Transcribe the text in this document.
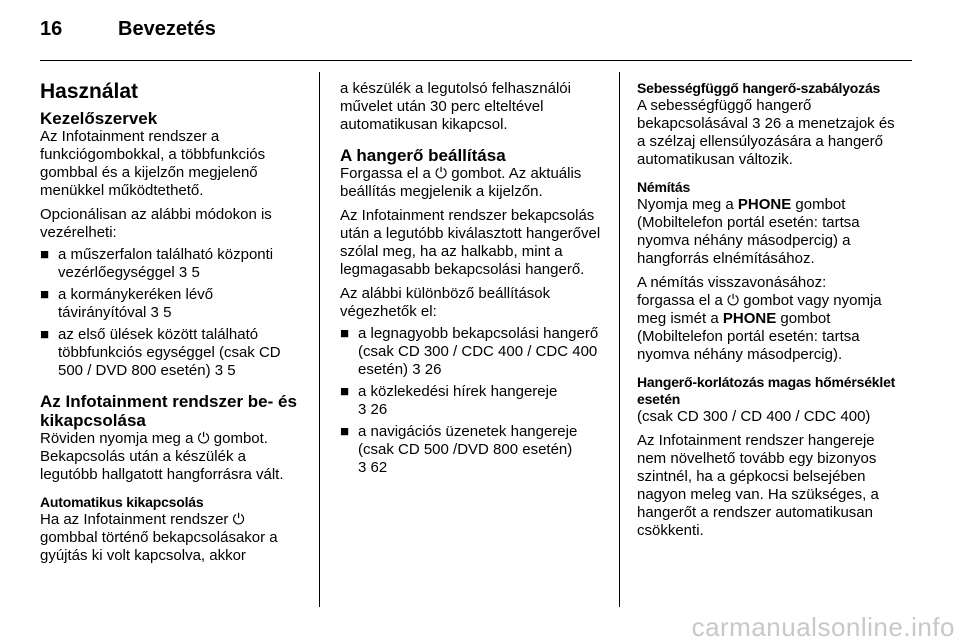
16	Bevezetés
Használat
Kezelőszervek

Az Infotainment rendszer a funkciógombokkal, a többfunkciós gombbal és a kijelzőn megjelenő menükkel működtethető.

Opcionálisan az alábbi módokon is vezérelheti:

■ a műszerfalon található központi vezérlőegységgel 3 5
■ a kormánykeréken lévő távirányítóval 3 5
■ az első ülések között található többfunkciós egységgel (csak CD 500 / DVD 800 esetén) 3 5
Az Infotainment rendszer be- és kikapcsolása

Röviden nyomja meg a ⏻ gombot. Bekapcsolás után a készülék a legutóbb hallgatott hangforrásra vált.

Automatikus kikapcsolás

Ha az Infotainment rendszer ⏻ gombbal történő bekapcsolásakor a gyújtás ki volt kapcsolva, akkor

a készülék a legutolsó felhasználói művelet után 30 perc elteltével automatikusan kikapcsol.

A hangerő beállítása

Forgassa el a ⏻ gombot. Az aktuális beállítás megjelenik a kijelzőn.

Az Infotainment rendszer bekapcsolás után a legutóbb kiválasztott hangerővel szólal meg, ha az halkabb, mint a legmagasabb bekapcsolási hangerő.

Az alábbi különböző beállítások végezhetők el:

■ a legnagyobb bekapcsolási hangerő (csak CD 300 / CDC 400 / CDC 400 esetén) 3 26
■ a közlekedési hírek hangereje
3 26
■ a navigációs üzenetek hangereje (csak CD 500 /DVD 800 esetén)
3 62
Sebességfüggő hangerő-szabályozás

A sebességfüggő hangerő bekapcsolásával 3 26 a menetzajok és a szélzaj ellensúlyozására a hangerő automatikusan változik.

Némítás

Nyomja meg a PHONE gombot (Mobiltelefon portál esetén: tartsa nyomva néhány másodpercig) a hangforrás elnémításához.

A némítás visszavonásához:

forgassa el a ⏻ gombot vagy nyomja meg ismét a PHONE gombot (Mobiltelefon portál esetén: tartsa nyomva néhány másodpercig).

Hangerő-korlátozás magas hőmérséklet esetén

(csak CD 300 / CD 400 / CDC 400)

Az Infotainment rendszer hangereje nem növelhető tovább egy bizonyos szintnél, ha a gépkocsi belsejében nagyon meleg van. Ha szükséges, a hangerőt a rendszer automatikusan csökkenti.

carmanualsonline.info
